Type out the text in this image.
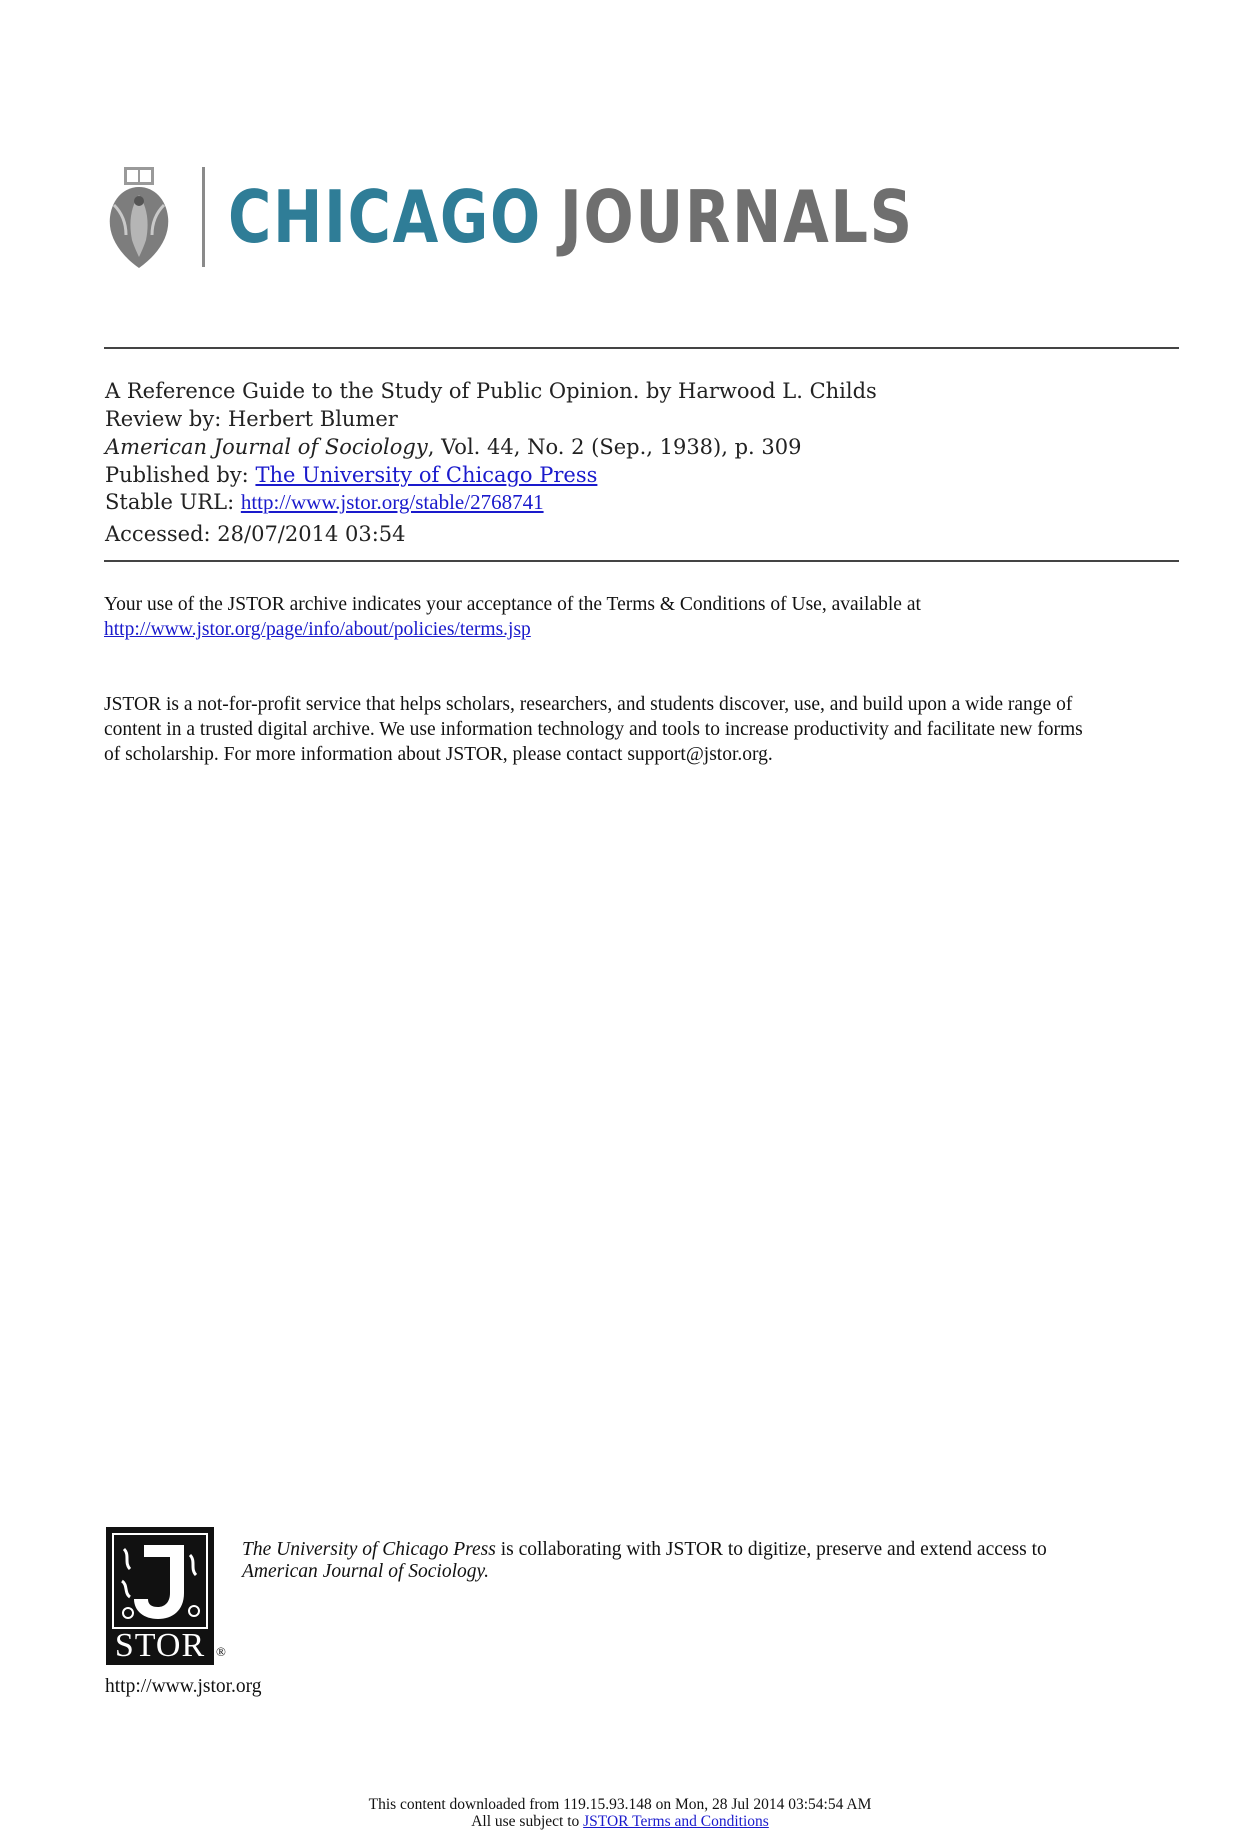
CHICAGO JOURNALS
A Reference Guide to the Study of Public Opinion. by Harwood L. Childs
Review by: Herbert Blumer
American Journal of Sociology, Vol. 44, No. 2 (Sep., 1938), p. 309
Published by: The University of Chicago Press
Stable URL: http://www.jstor.org/stable/2768741
Accessed: 28/07/2014 03:54
Your use of the JSTOR archive indicates your acceptance of the Terms & Conditions of Use, available at
http://www.jstor.org/page/info/about/policies/terms.jsp
JSTOR is a not-for-profit service that helps scholars, researchers, and students discover, use, and build upon a wide range of
content in a trusted digital archive. We use information technology and tools to increase productivity and facilitate new forms
of scholarship. For more information about JSTOR, please contact support@jstor.org.
STOR ®
The University of Chicago Press is collaborating with JSTOR to digitize, preserve and extend access to
American Journal of Sociology.
http://www.jstor.org
This content downloaded from 119.15.93.148 on Mon, 28 Jul 2014 03:54:54 AM
All use subject to JSTOR Terms and Conditions
